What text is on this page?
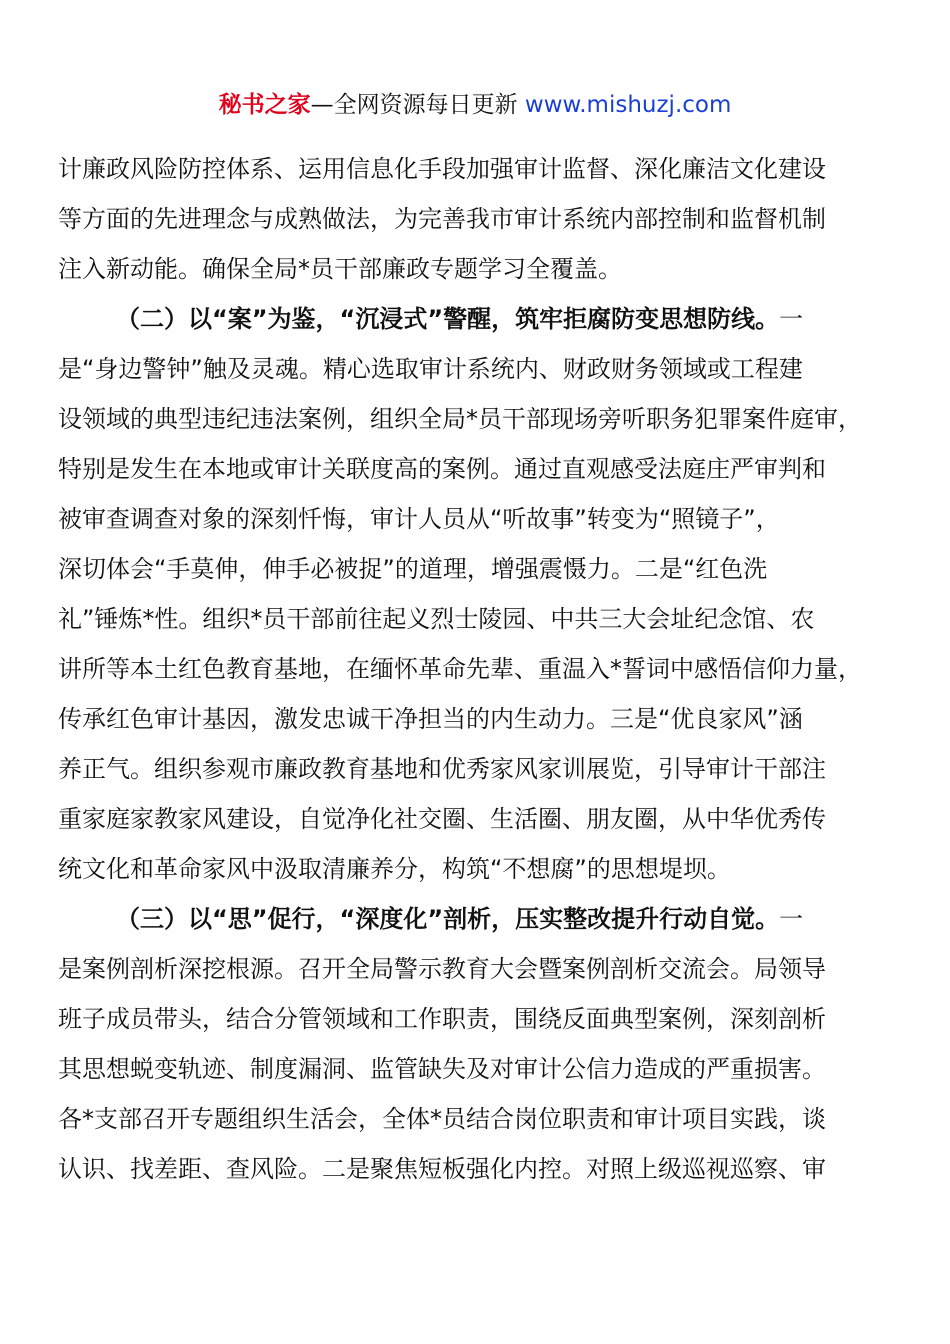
秘书之家—全网资源每日更新 www.mishuzj.com
计廉政风险防控体系、运用信息化手段加强审计监督、深化廉洁文化建设
等方面的先进理念与成熟做法，为完善我市审计系统内部控制和监督机制
注入新动能。确保全局*员干部廉政专题学习全覆盖。
（二）以“案”为鉴，“沉浸式”警醒，筑牢拒腐防变思想防线。一
是“身边警钟”触及灵魂。精心选取审计系统内、财政财务领域或工程建
设领域的典型违纪违法案例，组织全局*员干部现场旁听职务犯罪案件庭审，
特别是发生在本地或审计关联度高的案例。通过直观感受法庭庄严审判和
被审查调查对象的深刻忏悔，审计人员从“听故事”转变为“照镜子”，
深切体会“手莫伸，伸手必被捉”的道理，增强震慑力。二是“红色洗
礼”锤炼*性。组织*员干部前往起义烈士陵园、中共三大会址纪念馆、农
讲所等本土红色教育基地，在缅怀革命先辈、重温入*誓词中感悟信仰力量，
传承红色审计基因，激发忠诚干净担当的内生动力。三是“优良家风”涵
养正气。组织参观市廉政教育基地和优秀家风家训展览，引导审计干部注
重家庭家教家风建设，自觉净化社交圈、生活圈、朋友圈，从中华优秀传
统文化和革命家风中汲取清廉养分，构筑“不想腐”的思想堤坝。
（三）以“思”促行，“深度化”剖析，压实整改提升行动自觉。一
是案例剖析深挖根源。召开全局警示教育大会暨案例剖析交流会。局领导
班子成员带头，结合分管领域和工作职责，围绕反面典型案例，深刻剖析
其思想蜕变轨迹、制度漏洞、监管缺失及对审计公信力造成的严重损害。
各*支部召开专题组织生活会，全体*员结合岗位职责和审计项目实践，谈
认识、找差距、查风险。二是聚焦短板强化内控。对照上级巡视巡察、审
